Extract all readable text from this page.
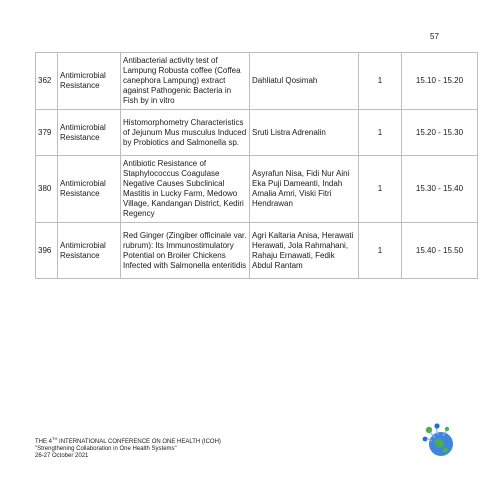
57
362	Antimicrobial Resistance	Antibacterial activity test of Lampung Robusta coffee (Coffea canephora Lampung) extract against Pathogenic Bacteria in Fish by in vitro	Dahliatul Qosimah	1	15.10 - 15.20
379	Antimicrobial Resistance	Histomorphometry Characteristics of Jejunum Mus musculus Induced by Probiotics and Salmonella sp.	Sruti Listra Adrenalin	1	15.20 - 15.30
380	Antimicrobial Resistance	Antibiotic Resistance of Staphylococcus Coagulase Negative Causes Subclinical Mastitis in Lucky Farm, Medowo Village, Kandangan District, Kediri Regency	Asyrafun Nisa, Fidi Nur Aini Eka Puji Dameanti, Indah Amalia Amri, Viski Fitri Hendrawan	1	15.30 - 15.40
396	Antimicrobial Resistance	Red Ginger (Zingiber officinale var. rubrum): Its Immunostimulatory Potential on Broiler Chickens Infected with Salmonella enteritidis	Agri Kaltaria Anisa, Herawati Herawati, Jola Rahmahani, Rahaju Ernawati, Fedik Abdul Rantam	1	15.40 - 15.50
THE 4TH INTERNATIONAL CONFERENCE ON ONE HEALTH (ICOH)
"Strengthening Collaboration in One Health Systems"
26-27 October 2021
